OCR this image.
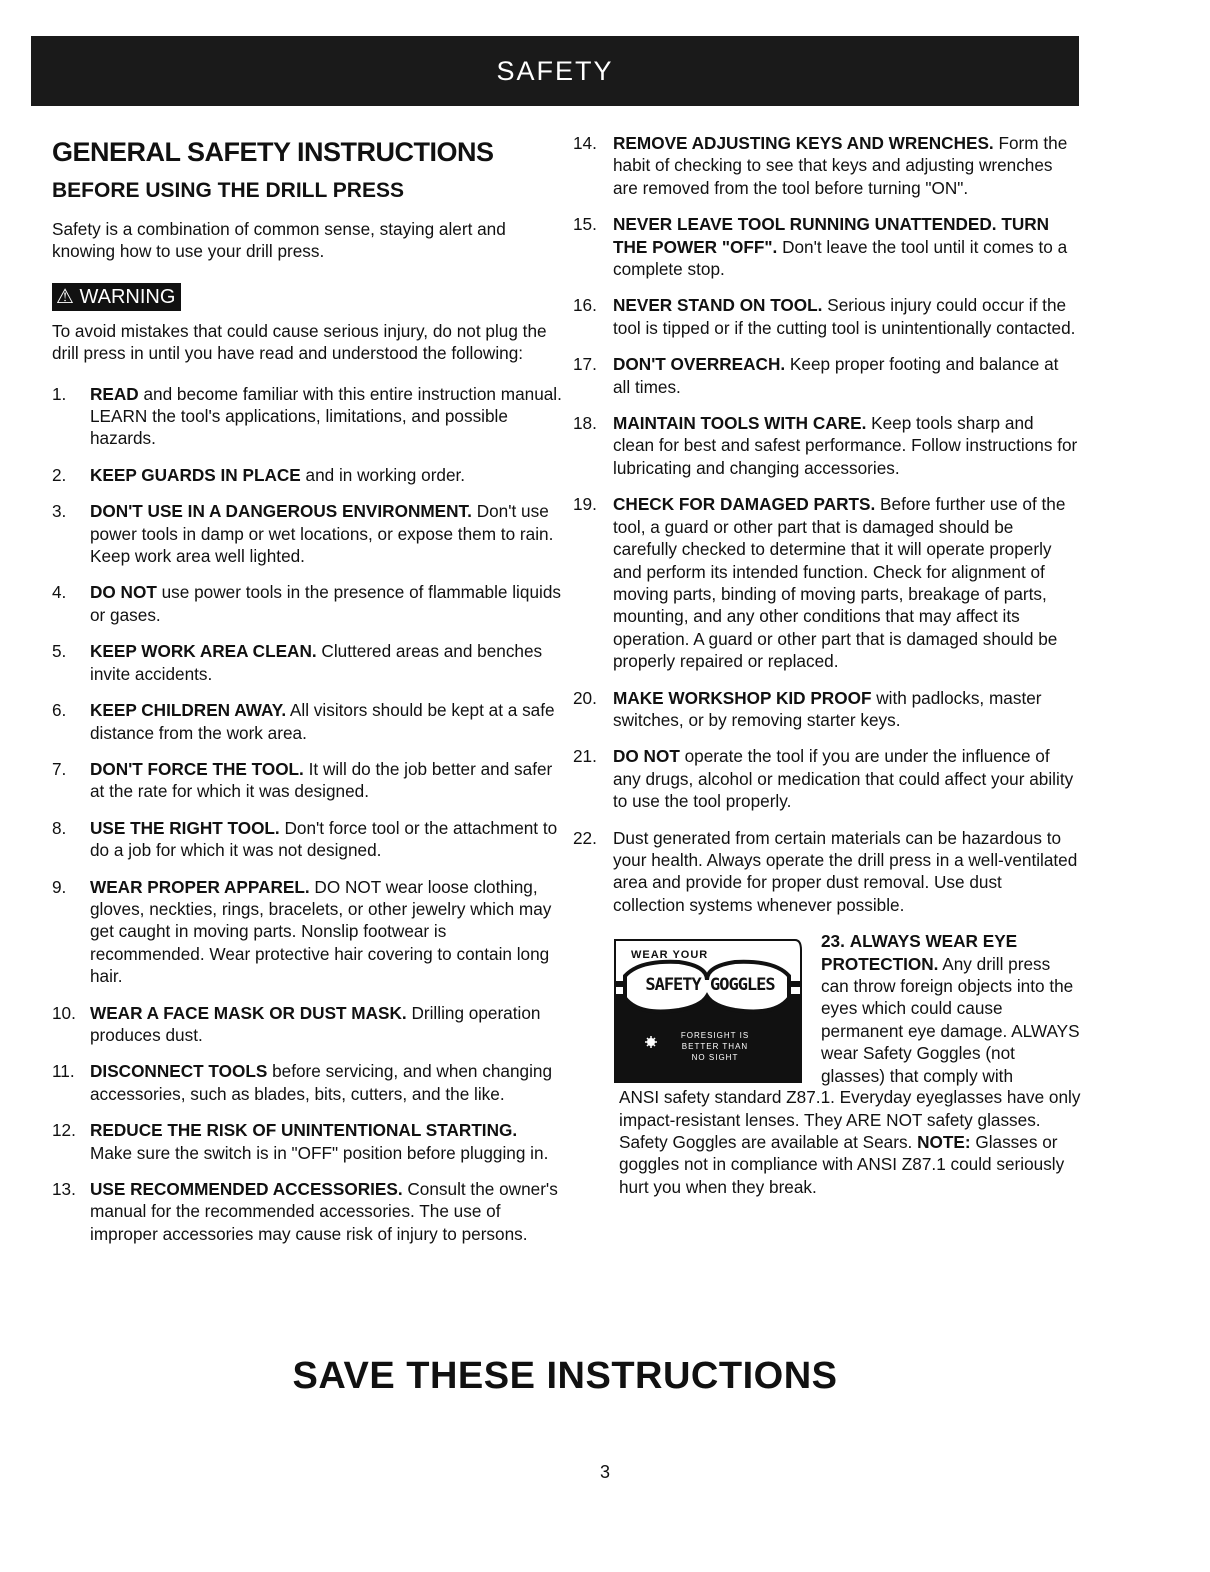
SAFETY
GENERAL SAFETY INSTRUCTIONS
BEFORE USING THE DRILL PRESS

Safety is a combination of common sense, staying alert and knowing how to use your drill press.

⚠ WARNING

To avoid mistakes that could cause serious injury, do not plug the drill press in until you have read and understood the following:

1.	READ and become familiar with this entire instruction manual. LEARN the tool's applications, limitations, and possible hazards.
2.	KEEP GUARDS IN PLACE and in working order.
3.	DON'T USE IN A DANGEROUS ENVIRONMENT. Don't use power tools in damp or wet locations, or expose them to rain. Keep work area well lighted.
4.	DO NOT use power tools in the presence of flammable liquids or gases.
5.	KEEP WORK AREA CLEAN. Cluttered areas and benches invite accidents.
6.	KEEP CHILDREN AWAY. All visitors should be kept at a safe distance from the work area.
7.	DON'T FORCE THE TOOL. It will do the job better and safer at the rate for which it was designed.
8.	USE THE RIGHT TOOL. Don't force tool or the attachment to do a job for which it was not designed.
9.	WEAR PROPER APPAREL. DO NOT wear loose clothing, gloves, neckties, rings, bracelets, or other jewelry which may get caught in moving parts. Nonslip footwear is recommended. Wear protective hair covering to contain long hair.
10. WEAR A FACE MASK OR DUST MASK. Drilling operation produces dust.
11. DISCONNECT TOOLS before servicing, and when changing accessories, such as blades, bits, cutters, and the like.
12. REDUCE THE RISK OF UNINTENTIONAL STARTING. Make sure the switch is in "OFF" position before plugging in.
13. USE RECOMMENDED ACCESSORIES. Consult the owner's manual for the recommended accessories. The use of improper accessories may cause risk of injury to persons.
14. REMOVE ADJUSTING KEYS AND WRENCHES. Form the habit of checking to see that keys and adjusting wrenches are removed from the tool before turning "ON".
15. NEVER LEAVE TOOL RUNNING UNATTENDED. TURN THE POWER "OFF". Don't leave the tool until it comes to a complete stop.
16. NEVER STAND ON TOOL. Serious injury could occur if the tool is tipped or if the cutting tool is unintentionally contacted.
17. DON'T OVERREACH. Keep proper footing and balance at all times.
18. MAINTAIN TOOLS WITH CARE. Keep tools sharp and clean for best and safest performance. Follow instructions for lubricating and changing accessories.
19. CHECK FOR DAMAGED PARTS. Before further use of the tool, a guard or other part that is damaged should be carefully checked to determine that it will operate properly and perform its intended function. Check for alignment of moving parts, binding of moving parts, breakage of parts, mounting, and any other conditions that may affect its operation. A guard or other part that is damaged should be properly repaired or replaced.
20. MAKE WORKSHOP KID PROOF with padlocks, master switches, or by removing starter keys.
21. DO NOT operate the tool if you are under the influence of any drugs, alcohol or medication that could affect your ability to use the tool properly.
22. Dust generated from certain materials can be hazardous to your health. Always operate the drill press in a well-ventilated area and provide for proper dust removal. Use dust collection systems whenever possible.
WEAR YOUR
SAFETY GOGGLES
FORESIGHT IS
BETTER THAN
NO SIGHT
23. ALWAYS WEAR EYE PROTECTION. Any drill press can throw foreign objects into the eyes which could cause permanent eye damage. ALWAYS wear Safety Goggles (not glasses) that comply with
ANSI safety standard Z87.1. Everyday eyeglasses have only impact-resistant lenses. They ARE NOT safety glasses. Safety Goggles are available at Sears. NOTE: Glasses or goggles not in compliance with ANSI Z87.1 could seriously hurt you when they break.
SAVE THESE INSTRUCTIONS
3
